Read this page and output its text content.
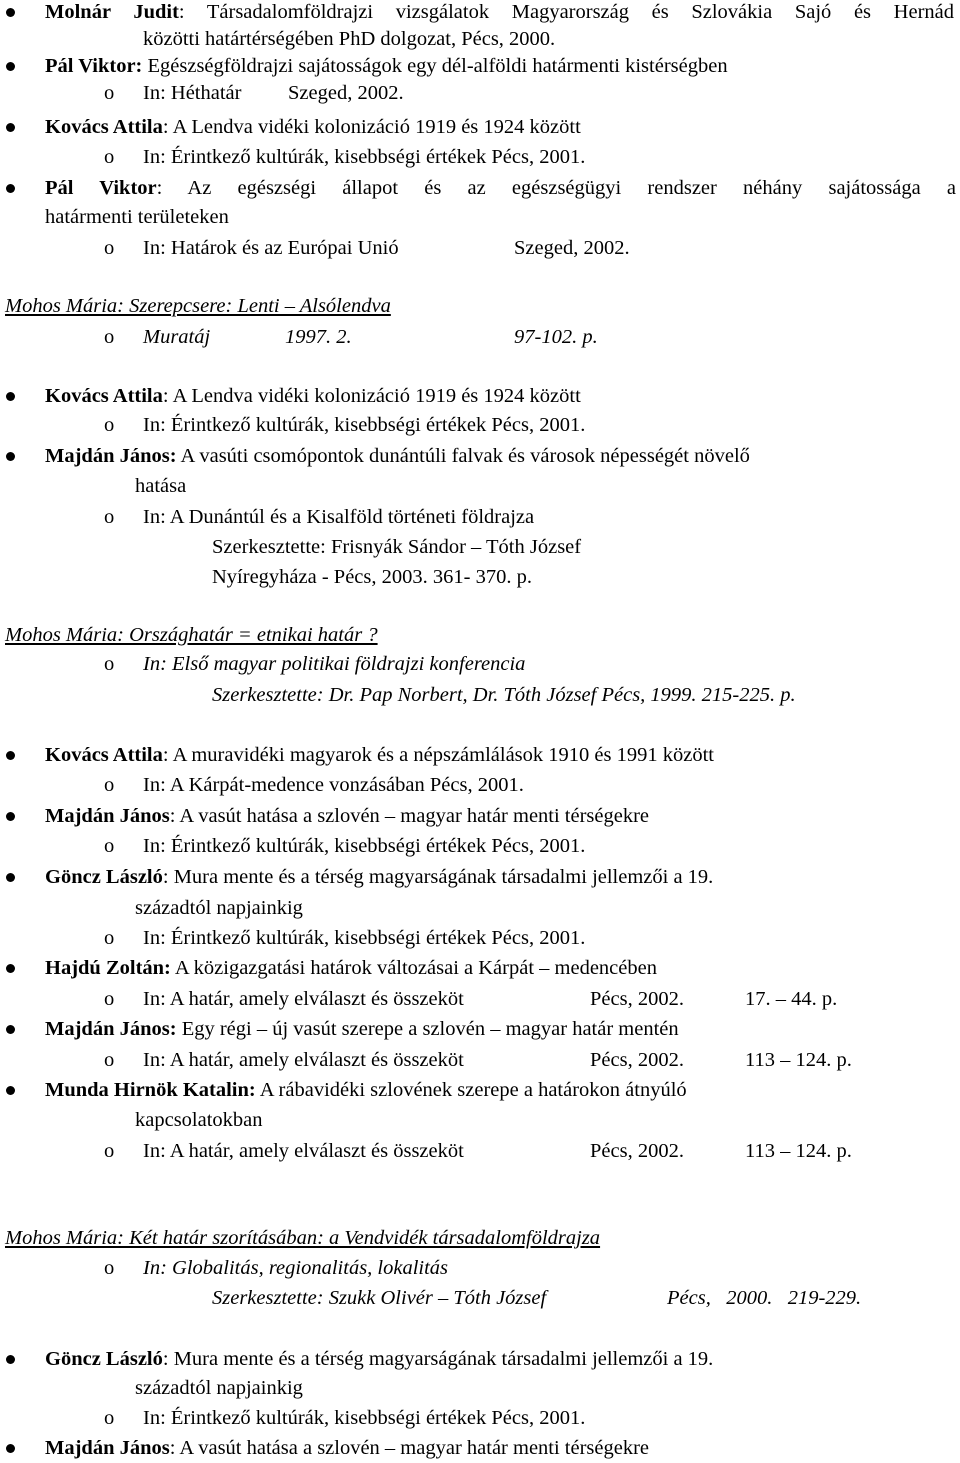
Molnár Judit: Társadalomföldrajzi vizsgálatok Magyarország és Szlovákia Sajó és Hernád
közötti határtérségében PhD dolgozat, Pécs, 2000.
Pál Viktor: Egészségföldrajzi sajátosságok egy dél-alföldi határmenti kistérségben
o In: Héthatár Szeged, 2002.
Kovács Attila: A Lendva vidéki kolonizáció 1919 és 1924 között
o In: Érintkező kultúrák, kisebbségi értékek Pécs, 2001.
Pál Viktor: Az egészségi állapot és az egészségügyi rendszer néhány sajátossága a
határmenti területeken
o In: Határok és az Európai Unió	Szeged, 2002.
Mohos Mária: Szerepcsere: Lenti – Alsólendva
o Muratáj	1997. 2.	97-102. p.
Kovács Attila: A Lendva vidéki kolonizáció 1919 és 1924 között
o In: Érintkező kultúrák, kisebbségi értékek Pécs, 2001.
Majdán János: A vasúti csomópontok dunántúli falvak és városok népességét növelő
hatása
o In: A Dunántúl és a Kisalföld történeti földrajza
Szerkesztette: Frisnyák Sándor – Tóth József
Nyíregyháza - Pécs, 2003. 361- 370. p.
Mohos Mária: Országhatár = etnikai határ ?
o In: Első magyar politikai földrajzi konferencia
Szerkesztette: Dr. Pap Norbert, Dr. Tóth József Pécs, 1999. 215-225. p.
Kovács Attila: A muravidéki magyarok és a népszámlálások 1910 és 1991 között
o In: A Kárpát-medence vonzásában Pécs, 2001.
Majdán János: A vasút hatása a szlovén – magyar határ menti térségekre
o In: Érintkező kultúrák, kisebbségi értékek Pécs, 2001.
Göncz László: Mura mente és a térség magyarságának társadalmi jellemzői a 19.
századtól napjainkig
o In: Érintkező kultúrák, kisebbségi értékek Pécs, 2001.
Hajdú Zoltán: A közigazgatási határok változásai a Kárpát – medencében
o In: A határ, amely elválaszt és összeköt	Pécs, 2002.	17. – 44. p.
Majdán János: Egy régi – új vasút szerepe a szlovén – magyar határ mentén
o In: A határ, amely elválaszt és összeköt	Pécs, 2002.	113 – 124. p.
Munda Hirnök Katalin: A rábavidéki szlovének szerepe a határokon átnyúló
kapcsolatokban
o In: A határ, amely elválaszt és összeköt	Pécs, 2002.	113 – 124. p.
Mohos Mária: Két határ szorításában: a Vendvidék társadalomföldrajza
o In: Globalitás, regionalitás, lokalitás
Szerkesztette: Szukk Olivér – Tóth József	Pécs,   2000.   219-229.
Göncz László: Mura mente és a térség magyarságának társadalmi jellemzői a 19.
századtól napjainkig
o In: Érintkező kultúrák, kisebbségi értékek Pécs, 2001.
Majdán János: A vasút hatása a szlovén – magyar határ menti térségekre
